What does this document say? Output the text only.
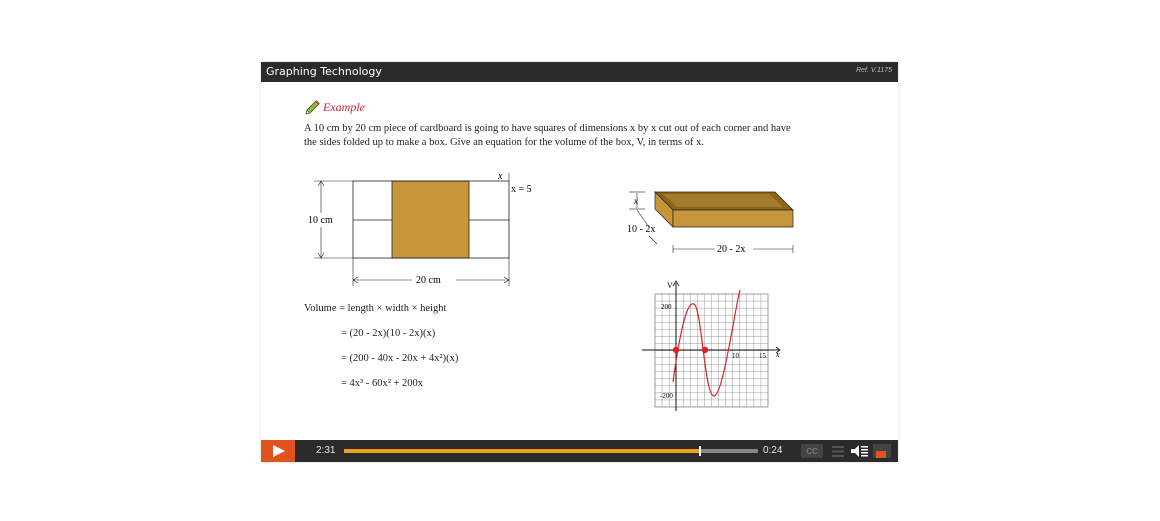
Graphing Technology	Ref. V.1175
Example
A 10 cm by 20 cm piece of cardboard is going to have squares of dimensions x by x cut out of each corner and have
the sides folded up to make a box. Give an equation for the volume of the box, V, in terms of x.
x
x = 5
10 cm
20 cm
x
10 - 2x
20 - 2x
V
x
200
-200
10	15
Volume = length × width × height
= (20 - 2x)(10 - 2x)(x)
= (200 - 40x - 20x + 4x²)(x)
= 4x³ - 60x² + 200x
2:31	0:24	CC
